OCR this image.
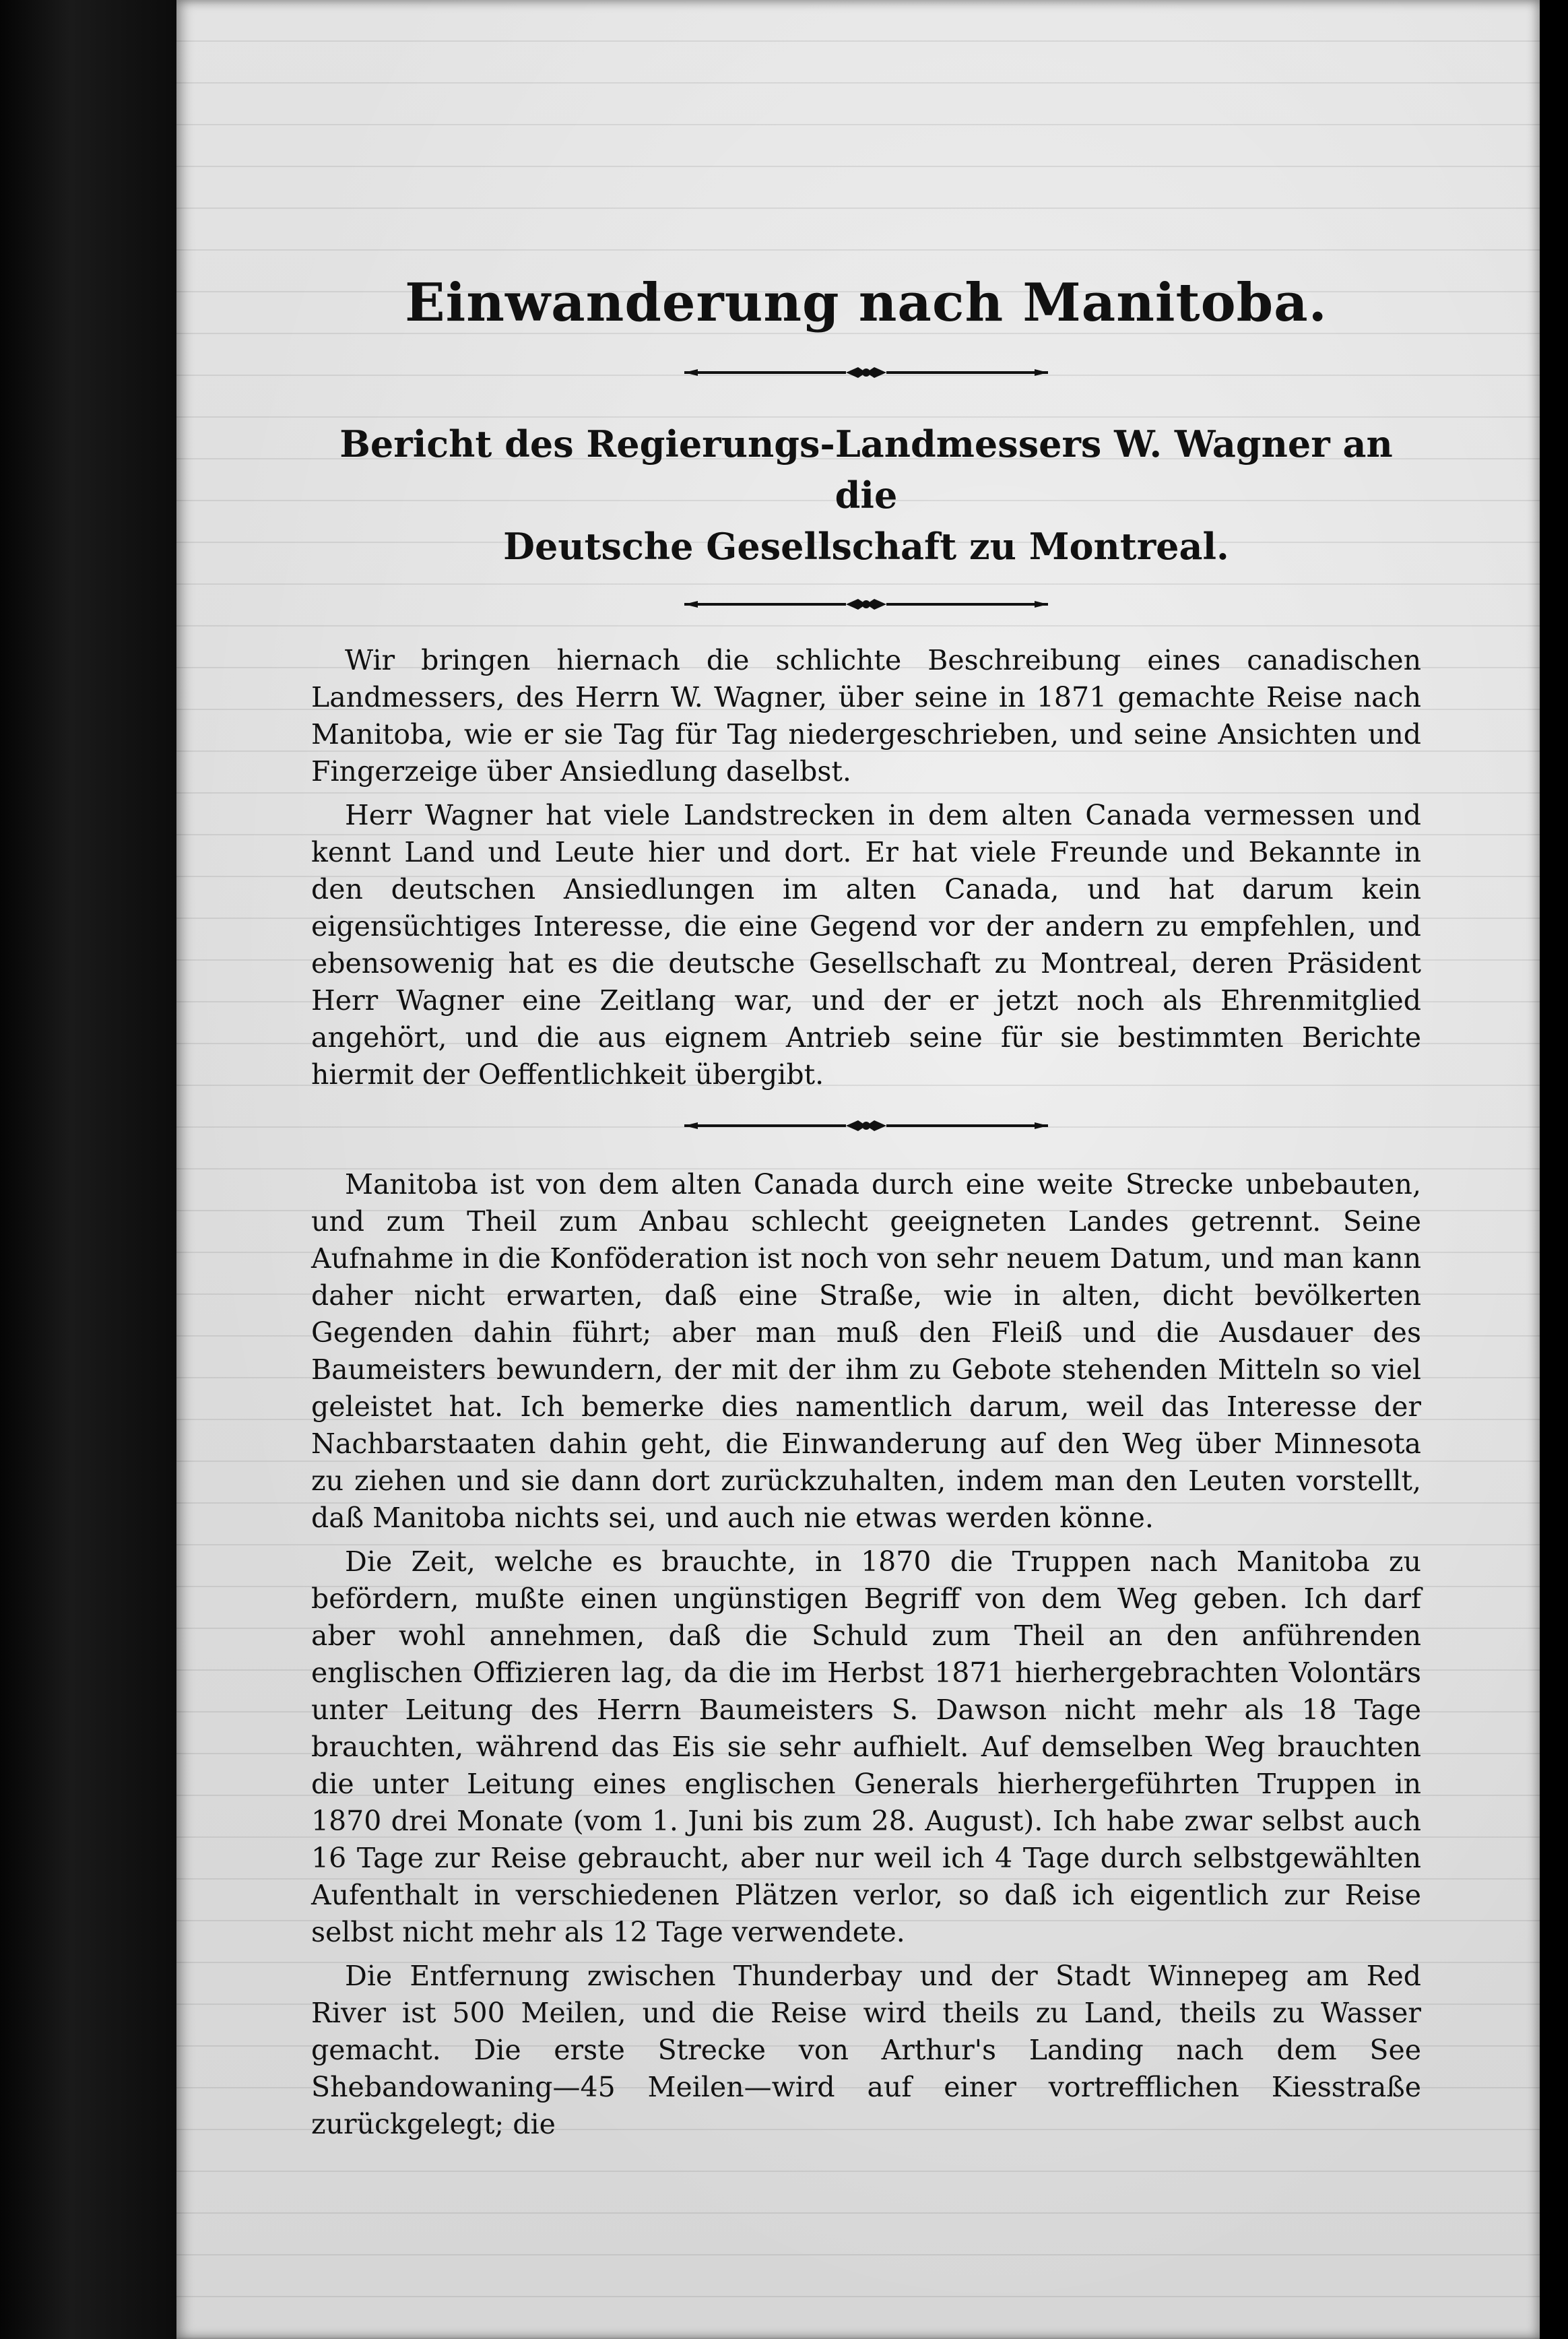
Einwanderung nach Manitoba.

Bericht des Regierungs-Landmessers W. Wagner an die

Deutsche Gesellschaft zu Montreal.

Wir bringen hiernach die schlichte Beschreibung eines canadischen Landmessers, des Herrn W. Wagner, über seine in 1871 gemachte Reise nach Manitoba, wie er sie Tag für Tag niedergeschrieben, und seine Ansichten und Fingerzeige über Ansiedlung daselbst.

Herr Wagner hat viele Landstrecken in dem alten Canada vermessen und kennt Land und Leute hier und dort. Er hat viele Freunde und Bekannte in den deutschen Ansiedlungen im alten Canada, und hat darum kein eigensüchtiges Interesse, die eine Gegend vor der andern zu empfehlen, und ebensowenig hat es die deutsche Gesellschaft zu Montreal, deren Präsident Herr Wagner eine Zeitlang war, und der er jetzt noch als Ehrenmitglied angehört, und die aus eignem Antrieb seine für sie bestimmten Berichte hiermit der Oeffentlichkeit übergibt.

Manitoba ist von dem alten Canada durch eine weite Strecke unbebauten, und zum Theil zum Anbau schlecht geeigneten Landes getrennt. Seine Aufnahme in die Konföderation ist noch von sehr neuem Datum, und man kann daher nicht erwarten, daß eine Straße, wie in alten, dicht bevölkerten Gegenden dahin führt; aber man muß den Fleiß und die Ausdauer des Baumeisters bewundern, der mit der ihm zu Gebote stehenden Mitteln so viel geleistet hat. Ich bemerke dies namentlich darum, weil das Interesse der Nachbarstaaten dahin geht, die Einwanderung auf den Weg über Minnesota zu ziehen und sie dann dort zurückzuhalten, indem man den Leuten vorstellt, daß Manitoba nichts sei, und auch nie etwas werden könne.

Die Zeit, welche es brauchte, in 1870 die Truppen nach Manitoba zu befördern, mußte einen ungünstigen Begriff von dem Weg geben. Ich darf aber wohl annehmen, daß die Schuld zum Theil an den anführenden englischen Offizieren lag, da die im Herbst 1871 hierhergebrachten Volontärs unter Leitung des Herrn Baumeisters S. Dawson nicht mehr als 18 Tage brauchten, während das Eis sie sehr aufhielt. Auf demselben Weg brauchten die unter Leitung eines englischen Generals hierhergeführten Truppen in 1870 drei Monate (vom 1. Juni bis zum 28. August). Ich habe zwar selbst auch 16 Tage zur Reise gebraucht, aber nur weil ich 4 Tage durch selbstgewählten Aufenthalt in verschiedenen Plätzen verlor, so daß ich eigentlich zur Reise selbst nicht mehr als 12 Tage verwendete.

Die Entfernung zwischen Thunderbay und der Stadt Winnepeg am Red River ist 500 Meilen, und die Reise wird theils zu Land, theils zu Wasser gemacht. Die erste Strecke von Arthur's Landing nach dem See Shebandowaning—45 Meilen—wird auf einer vortrefflichen Kiesstraße zurückgelegt; die
